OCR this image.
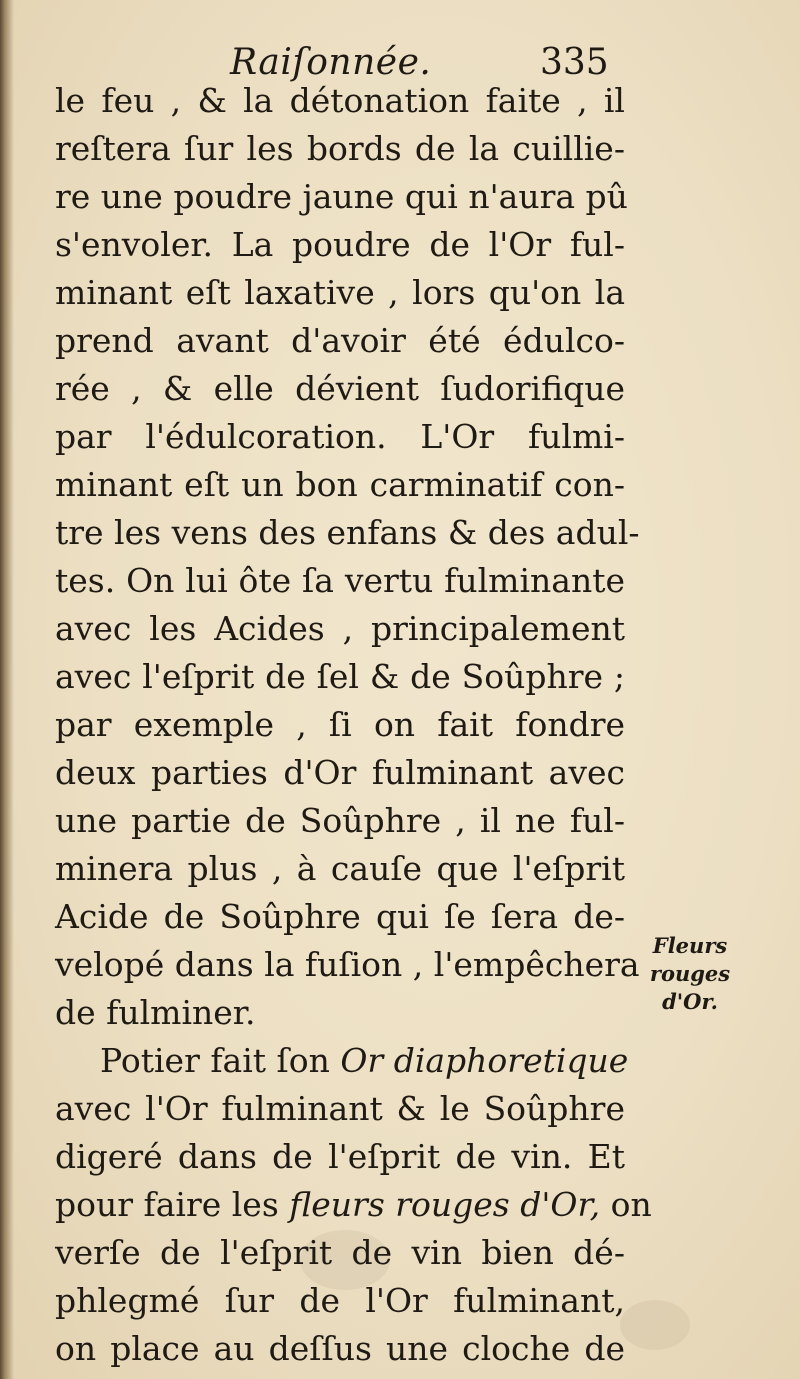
Raiſonnée.	335
le feu , & la détonation faite , il
reſtera ſur les bords de la cuillie-
re une poudre jaune qui n'aura pû
s'envoler. La poudre de l'Or ful-
minant eſt laxative , lors qu'on la
prend avant d'avoir été édulco-
rée , & elle dévient ſudorifique
par l'édulcoration. L'Or fulmi-
minant eſt un bon carminatif con-
tre les vens des enfans & des adul-
tes. On lui ôte ſa vertu fulminante
avec les Acides , principalement
avec l'eſprit de ſel & de Soûphre ;
par exemple , ſi on fait fondre
deux parties d'Or fulminant avec
une partie de Soûphre , il ne ful-
minera plus , à cauſe que l'eſprit
Acide de Soûphre qui ſe ſera de-
velopé dans la fuſion , l'empêchera
de fulminer.
Potier fait ſon Or diaphoretique
avec l'Or fulminant & le Soûphre
digeré dans de l'eſprit de vin. Et
pour faire les fleurs rouges d'Or, on
verſe de l'eſprit de vin bien dé-
phlegmé ſur de l'Or fulminant,
on place au deſſus une cloche de
Fleurs
rouges
d'Or.
